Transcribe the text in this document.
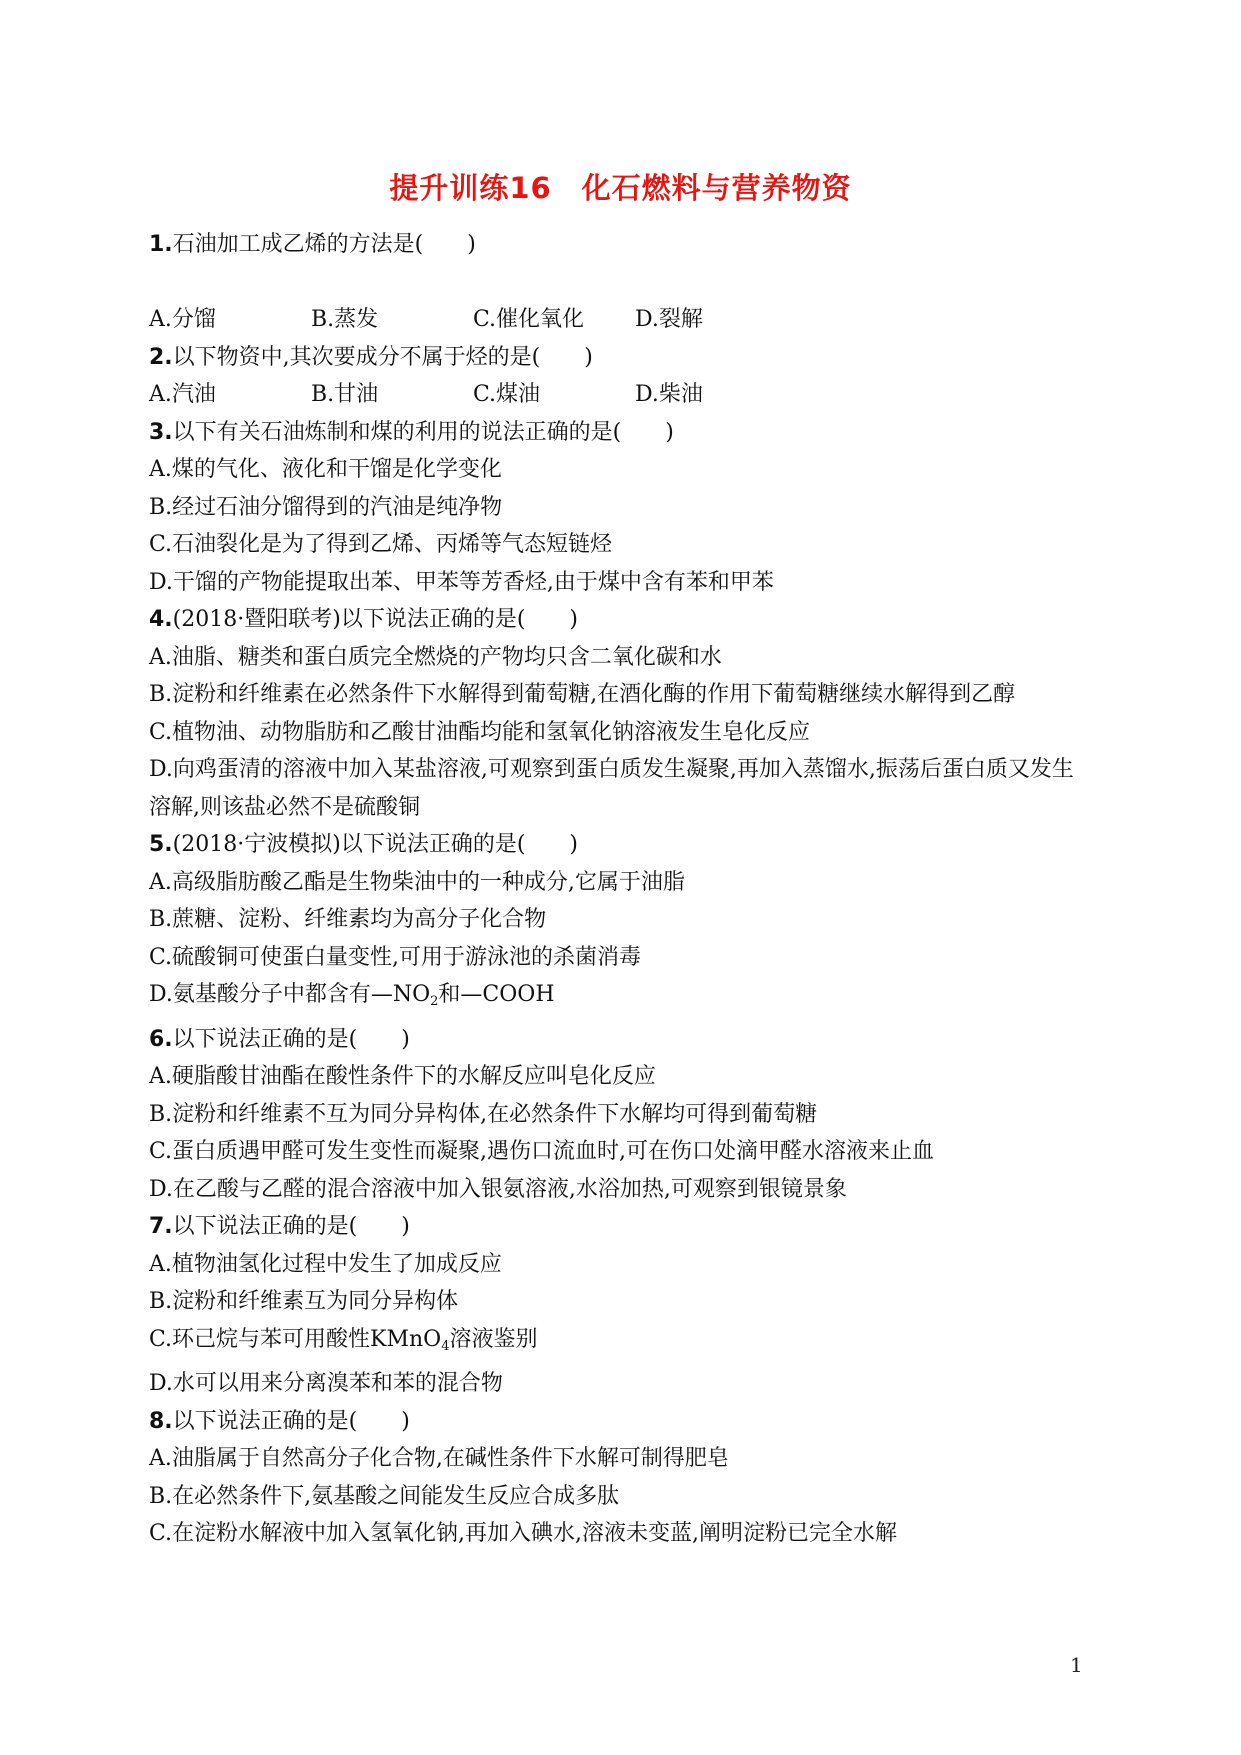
提升训练16　化石燃料与营养物资
1.石油加工成乙烯的方法是(　　)
A.分馏	B.蒸发	C.催化氧化	D.裂解
2.以下物资中,其次要成分不属于烃的是(　　)
A.汽油	B.甘油	C.煤油	D.柴油
3.以下有关石油炼制和煤的利用的说法正确的是(　　)
A.煤的气化、液化和干馏是化学变化
B.经过石油分馏得到的汽油是纯净物
C.石油裂化是为了得到乙烯、丙烯等气态短链烃
D.干馏的产物能提取出苯、甲苯等芳香烃,由于煤中含有苯和甲苯
4.(2018·暨阳联考)以下说法正确的是(　　)
A.油脂、糖类和蛋白质完全燃烧的产物均只含二氧化碳和水
B.淀粉和纤维素在必然条件下水解得到葡萄糖,在酒化酶的作用下葡萄糖继续水解得到乙醇
C.植物油、动物脂肪和乙酸甘油酯均能和氢氧化钠溶液发生皂化反应
D.向鸡蛋清的溶液中加入某盐溶液,可观察到蛋白质发生凝聚,再加入蒸馏水,振荡后蛋白质又发生溶解,则该盐必然不是硫酸铜
5.(2018·宁波模拟)以下说法正确的是(　　)
A.高级脂肪酸乙酯是生物柴油中的一种成分,它属于油脂
B.蔗糖、淀粉、纤维素均为高分子化合物
C.硫酸铜可使蛋白量变性,可用于游泳池的杀菌消毒
D.氨基酸分子中都含有$—NO_2$和—COOH
6.以下说法正确的是(　　)
A.硬脂酸甘油酯在酸性条件下的水解反应叫皂化反应
B.淀粉和纤维素不互为同分异构体,在必然条件下水解均可得到葡萄糖
C.蛋白质遇甲醛可发生变性而凝聚,遇伤口流血时,可在伤口处滴甲醛水溶液来止血
D.在乙酸与乙醛的混合溶液中加入银氨溶液,水浴加热,可观察到银镜景象
7.以下说法正确的是(　　)
A.植物油氢化过程中发生了加成反应
B.淀粉和纤维素互为同分异构体
C.环己烷与苯可用酸性KMnO$_4$溶液鉴别
D.水可以用来分离溴苯和苯的混合物
8.以下说法正确的是(　　)
A.油脂属于自然高分子化合物,在碱性条件下水解可制得肥皂
B.在必然条件下,氨基酸之间能发生反应合成多肽
C.在淀粉水解液中加入氢氧化钠,再加入碘水,溶液未变蓝,阐明淀粉已完全水解
1
